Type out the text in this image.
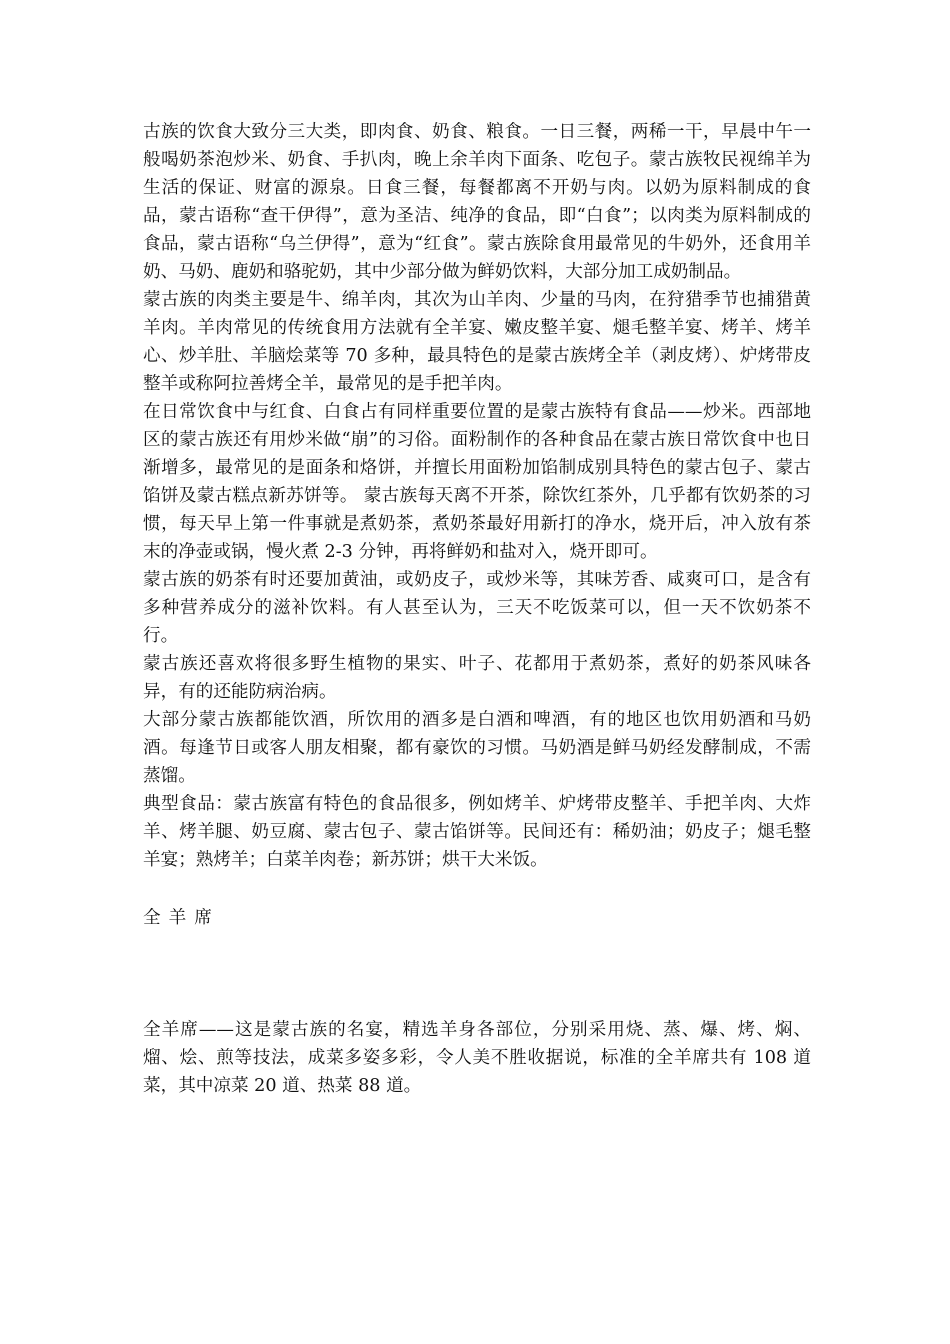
古族的饮食大致分三大类，即肉食、奶食、粮食。一日三餐，两稀一干，早晨中午一般喝奶茶泡炒米、奶食、手扒肉，晚上余羊肉下面条、吃包子。蒙古族牧民视绵羊为生活的保证、财富的源泉。日食三餐，每餐都离不开奶与肉。以奶为原料制成的食品，蒙古语称“查干伊得”，意为圣洁、纯净的食品，即“白食”；以肉类为原料制成的食品，蒙古语称“乌兰伊得”，意为“红食”。蒙古族除食用最常见的牛奶外，还食用羊奶、马奶、鹿奶和骆驼奶，其中少部分做为鲜奶饮料，大部分加工成奶制品。

蒙古族的肉类主要是牛、绵羊肉，其次为山羊肉、少量的马肉，在狩猎季节也捕猎黄羊肉。羊肉常见的传统食用方法就有全羊宴、嫩皮整羊宴、煺毛整羊宴、烤羊、烤羊心、炒羊肚、羊脑烩菜等 70 多种，最具特色的是蒙古族烤全羊（剥皮烤）、炉烤带皮整羊或称阿拉善烤全羊，最常见的是手把羊肉。

在日常饮食中与红食、白食占有同样重要位置的是蒙古族特有食品——炒米。西部地区的蒙古族还有用炒米做“崩”的习俗。面粉制作的各种食品在蒙古族日常饮食中也日渐增多，最常见的是面条和烙饼，并擅长用面粉加馅制成别具特色的蒙古包子、蒙古馅饼及蒙古糕点新苏饼等。 蒙古族每天离不开茶，除饮红茶外，几乎都有饮奶茶的习惯，每天早上第一件事就是煮奶茶，煮奶茶最好用新打的净水，烧开后，冲入放有茶末的净壶或锅，慢火煮 2-3 分钟，再将鲜奶和盐对入，烧开即可。

蒙古族的奶茶有时还要加黄油，或奶皮子，或炒米等，其味芳香、咸爽可口，是含有多种营养成分的滋补饮料。有人甚至认为，三天不吃饭菜可以，但一天不饮奶茶不行。

蒙古族还喜欢将很多野生植物的果实、叶子、花都用于煮奶茶，煮好的奶茶风味各异，有的还能防病治病。

大部分蒙古族都能饮酒，所饮用的酒多是白酒和啤酒，有的地区也饮用奶酒和马奶酒。每逢节日或客人朋友相聚，都有豪饮的习惯。马奶酒是鲜马奶经发酵制成，不需蒸馏。

典型食品：蒙古族富有特色的食品很多，例如烤羊、炉烤带皮整羊、手把羊肉、大炸羊、烤羊腿、奶豆腐、蒙古包子、蒙古馅饼等。民间还有：稀奶油；奶皮子；煺毛整羊宴；熟烤羊；白菜羊肉卷；新苏饼；烘干大米饭。

全羊席

全羊席——这是蒙古族的名宴，精选羊身各部位，分别采用烧、蒸、爆、烤、焖、熘、烩、煎等技法，成菜多姿多彩，令人美不胜收据说，标准的全羊席共有 108 道菜，其中凉菜 20 道、热菜 88 道。
